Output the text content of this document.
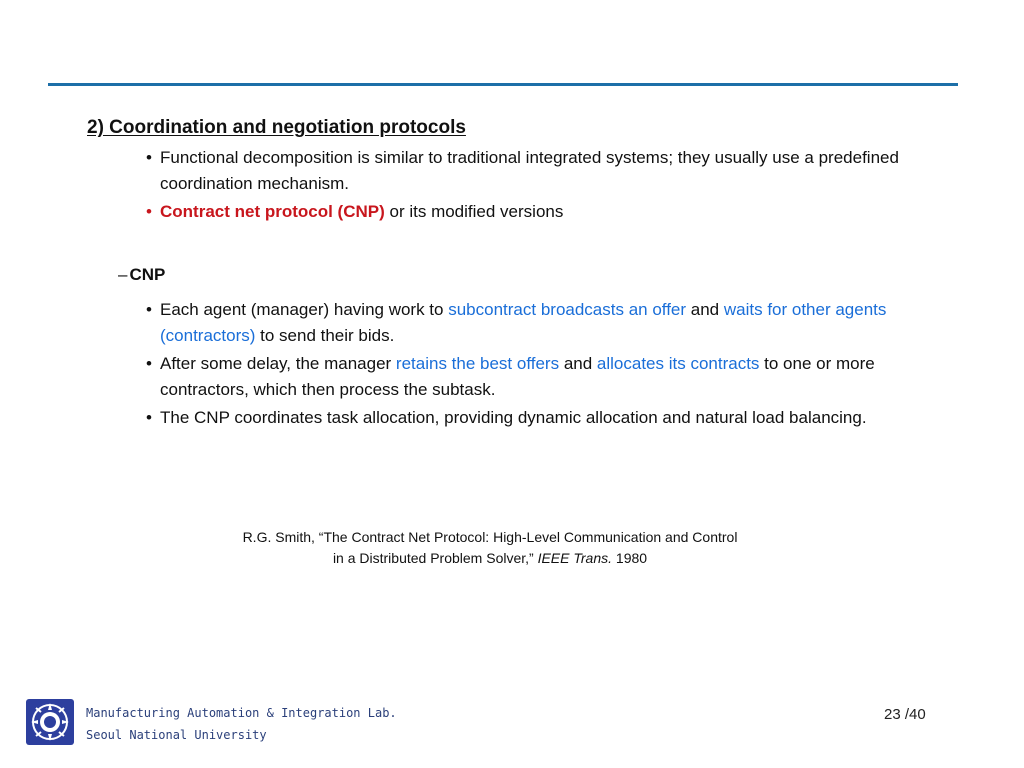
2) Coordination and negotiation protocols
• Functional decomposition is similar to traditional integrated systems; they usually use a predefined coordination mechanism.
• Contract net protocol (CNP) or its modified versions
– CNP
• Each agent (manager) having work to subcontract broadcasts an offer and waits for other agents (contractors) to send their bids.
• After some delay, the manager retains the best offers and allocates its contracts to one or more contractors, which then process the subtask.
• The CNP coordinates task allocation, providing dynamic allocation and natural load balancing.
R.G. Smith, “The Contract Net Protocol: High-Level Communication and Control
in a Distributed Problem Solver,” IEEE Trans. 1980
Manufacturing Automation & Integration Lab.
Seoul National University
23 /40
